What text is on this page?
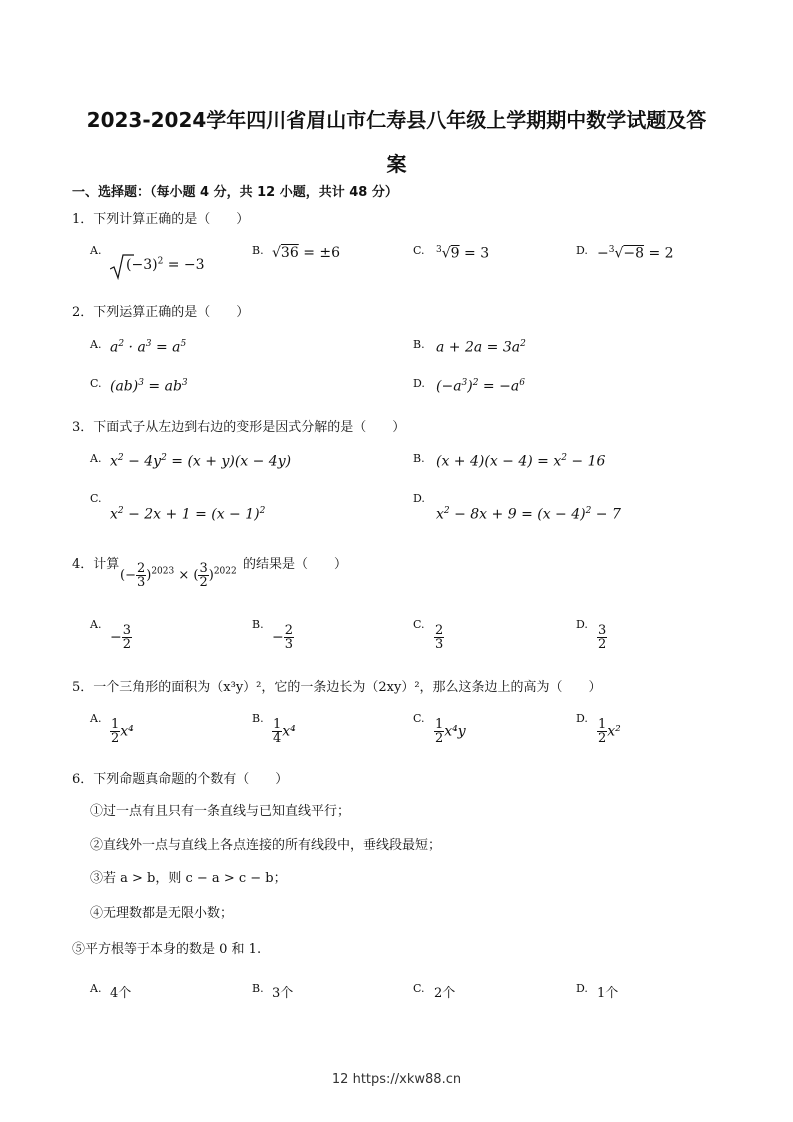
2023-2024学年四川省眉山市仁寿县八年级上学期期中数学试题及答
案
一、选择题：（每小题 4 分，共 12 小题，共计 48 分）
1．下列计算正确的是（　　）
A.
$(-3)^2 = -3$
B. √36 = ±6	C. $^3$√9 = 3	D. −$^3$√−8 = 2
2．下列运算正确的是（　　）
A. $a^2 \cdot a^3 = a^5$	B. $a + 2a = 3a^2$
C. $(ab)^3 = ab^3$	D. $(-a^3)^2 = -a^6$
3．下面式子从左边到右边的变形是因式分解的是（　　）
A. $x^2 - 4y^2 = (x + y)(x - 4y)$	B. $(x + 4)(x - 4) = x^2 - 16$
C.
$x^2 - 2x + 1 = (x - 1)^2$
D.
$x^2 - 8x + 9 = (x - 4)^2 - 7$
4．计算
(− $\frac{2}{3} )^{2023}$ × ( $\frac{3}{2} )^{2022}$ 的结果是（　　）
A.
− $\frac{3}{2}$	B.
− $\frac{2}{3}$	C. $\frac{2}{3}$	D. $\frac{3}{2}$
5．一个三角形的面积为（x³y）²，它的一条边长为（2xy）²，那么这条边上的高为（　　）
A. $\frac{1}{2} x^4$
B. $\frac{1}{4} x^4$
C. $\frac{1}{2} x^4y$
D. $\frac{1}{2} x^2$
6．下列命题真命题的个数有（　　）
①过一点有且只有一条直线与已知直线平行；
②直线外一点与直线上各点连接的所有线段中，垂线段最短；
③若 a > b，则 c − a > c − b；
④无理数都是无限小数；
⑤平方根等于本身的数是 0 和 1.
A. 4个	B. 3个	C. 2个	D. 1个
12 https://xkw88.cn
